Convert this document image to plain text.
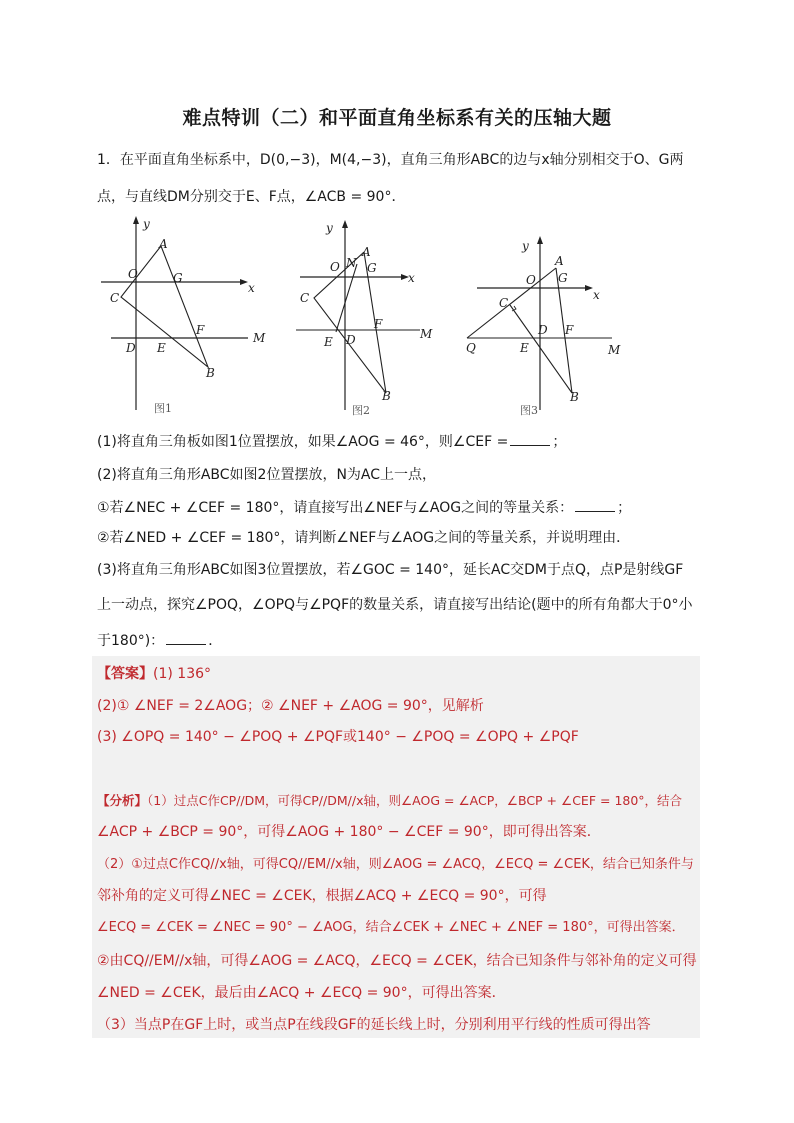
难点特训（二）和平面直角坐标系有关的压轴大题
1．在平面直角坐标系中，D(0,−3)，M(4,−3)，直角三角形ABC的边与x轴分别相交于O、G两
点，与直线DM分别交于E、F点，∠ACB = 90°．
y
A
O	G
x
C
F
M
D E
B
图1
y
A
O N G
x
C
F
M
E D
B
图2
y
A
O G
x
C
D F
Q	E	M
B
图3
(1)将直角三角板如图1位置摆放，如果∠AOG = 46°，则∠CEF =	；
(2)将直角三角形ABC如图2位置摆放，N为AC上一点，
①若∠NEC + ∠CEF = 180°，请直接写出∠NEF与∠AOG之间的等量关系：	；
②若∠NED + ∠CEF = 180°，请判断∠NEF与∠AOG之间的等量关系，并说明理由．
(3)将直角三角形ABC如图3位置摆放，若∠GOC = 140°，延长AC交DM于点Q，点P是射线GF
上一动点，探究∠POQ，∠OPQ与∠PQF的数量关系，请直接写出结论(题中的所有角都大于0°小
于180°)：	．
【答案】(1) 136°
(2)① ∠NEF = 2∠AOG；② ∠NEF + ∠AOG = 90°，见解析
(3) ∠OPQ = 140° − ∠POQ + ∠PQF或140° − ∠POQ = ∠OPQ + ∠PQF
【分析】（1）过点C作CP//DM，可得CP//DM//x轴，则∠AOG = ∠ACP，∠BCP + ∠CEF = 180°，结合
∠ACP + ∠BCP = 90°，可得∠AOG + 180° − ∠CEF = 90°，即可得出答案．
（2）①过点C作CQ//x轴，可得CQ//EM//x轴，则∠AOG = ∠ACQ，∠ECQ = ∠CEK，结合已知条件与
邻补角的定义可得∠NEC = ∠CEK，根据∠ACQ + ∠ECQ = 90°，可得
∠ECQ = ∠CEK = ∠NEC = 90° − ∠AOG，结合∠CEK + ∠NEC + ∠NEF = 180°，可得出答案．
②由CQ//EM//x轴，可得∠AOG = ∠ACQ，∠ECQ = ∠CEK，结合已知条件与邻补角的定义可得
∠NED = ∠CEK，最后由∠ACQ + ∠ECQ = 90°，可得出答案．
（3）当点P在GF上时，或当点P在线段GF的延长线上时，分别利用平行线的性质可得出答
